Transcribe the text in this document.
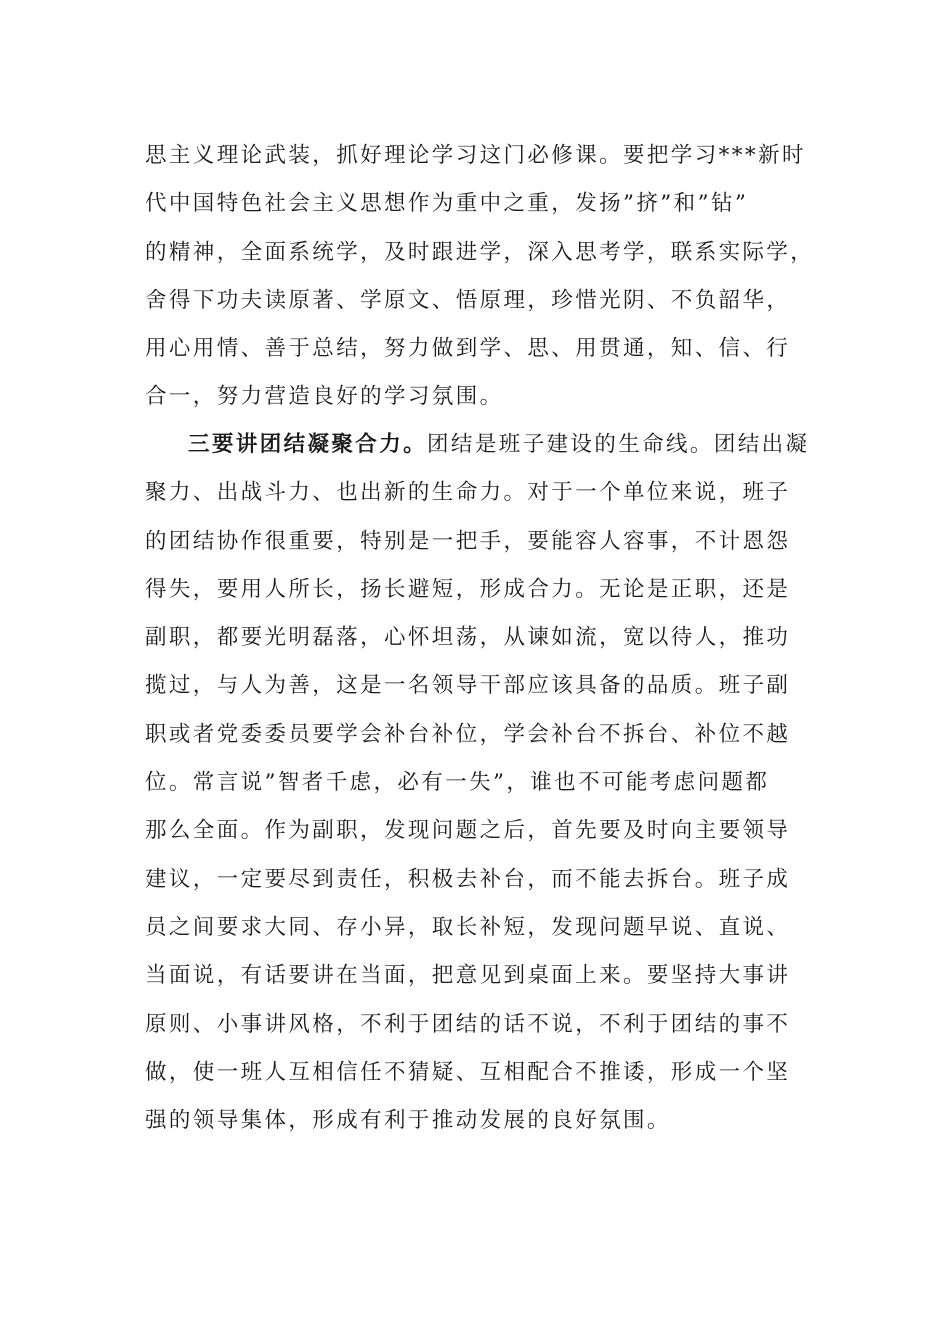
思主义理论武装，抓好理论学习这门必修课。要把学习***新时
代中国特色社会主义思想作为重中之重，发扬”挤”和”钻”
的精神，全面系统学，及时跟进学，深入思考学，联系实际学，
舍得下功夫读原著、学原文、悟原理，珍惜光阴、不负韶华，
用心用情、善于总结，努力做到学、思、用贯通，知、信、行
合一，努力营造良好的学习氛围。
三要讲团结凝聚合力。团结是班子建设的生命线。团结出凝
聚力、出战斗力、也出新的生命力。对于一个单位来说，班子
的团结协作很重要，特别是一把手，要能容人容事，不计恩怨
得失，要用人所长，扬长避短，形成合力。无论是正职，还是
副职，都要光明磊落，心怀坦荡，从谏如流，宽以待人，推功
揽过，与人为善，这是一名领导干部应该具备的品质。班子副
职或者党委委员要学会补台补位，学会补台不拆台、补位不越
位。常言说”智者千虑，必有一失”，谁也不可能考虑问题都
那么全面。作为副职，发现问题之后，首先要及时向主要领导
建议，一定要尽到责任，积极去补台，而不能去拆台。班子成
员之间要求大同、存小异，取长补短，发现问题早说、直说、
当面说，有话要讲在当面，把意见到桌面上来。要坚持大事讲
原则、小事讲风格，不利于团结的话不说，不利于团结的事不
做，使一班人互相信任不猜疑、互相配合不推诿，形成一个坚
强的领导集体，形成有利于推动发展的良好氛围。
